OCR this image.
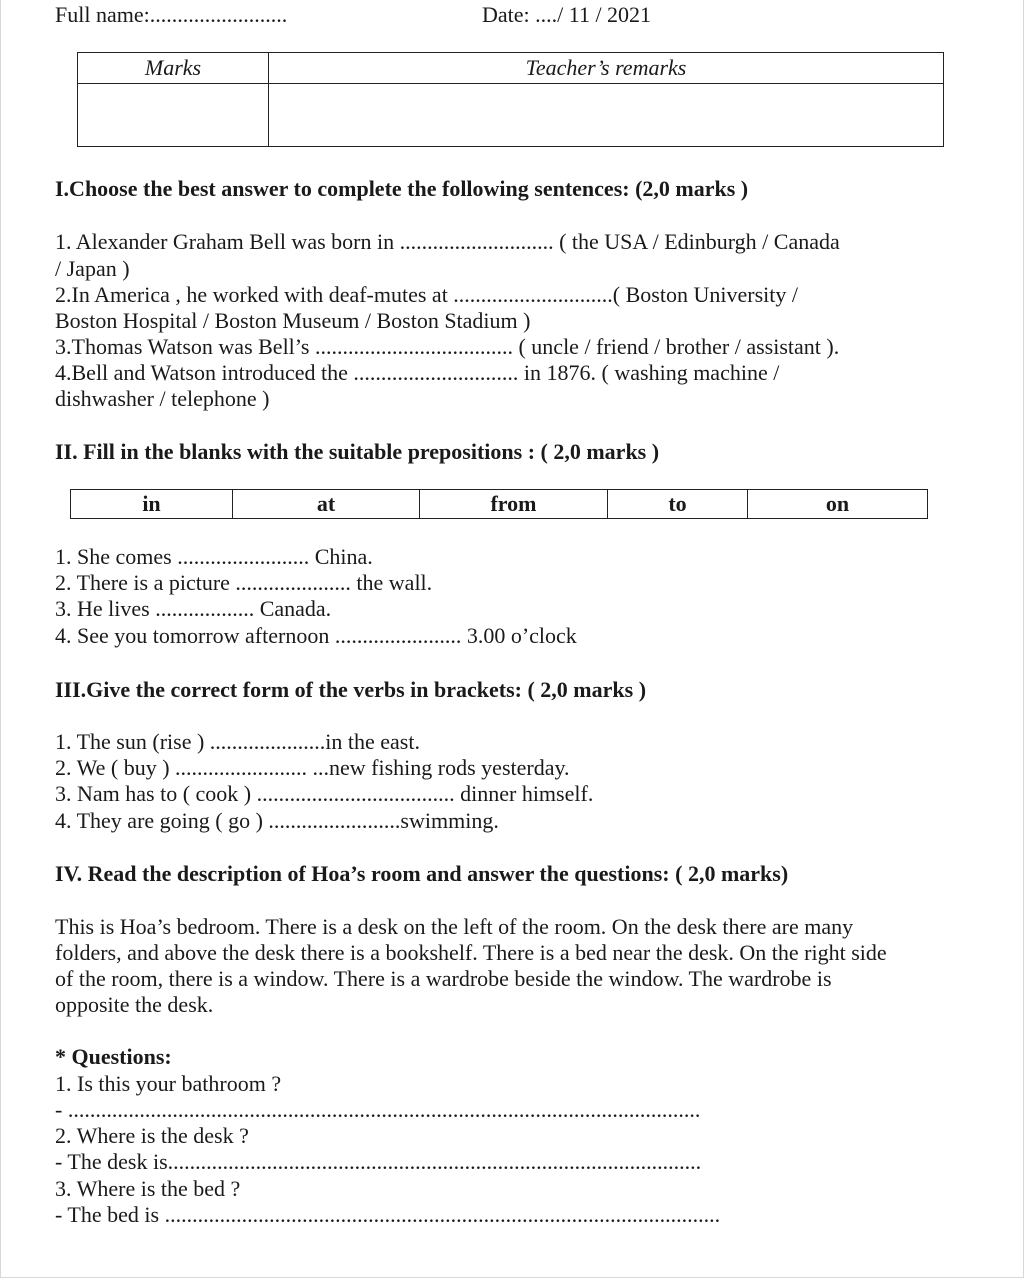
Full name:.........................	Date: ..../ 11 / 2021
Marks	Teacher’s remarks

I.Choose the best answer to complete the following sentences: (2,0 marks )
1. Alexander Graham Bell was born in ............................ ( the USA / Edinburgh / Canada
/ Japan )
2.In America , he worked with deaf-mutes at .............................( Boston University /
Boston Hospital / Boston Museum / Boston Stadium )
3.Thomas Watson was Bell’s .................................... ( uncle / friend / brother / assistant ).
4.Bell and Watson introduced the .............................. in 1876. ( washing machine /
dishwasher / telephone )
II. Fill in the blanks with the suitable prepositions : ( 2,0 marks )
in	at	from	to	on
1. She comes ........................ China.
2. There is a picture ..................... the wall.
3. He lives .................. Canada.
4. See you tomorrow afternoon ....................... 3.00 o’clock
III.Give the correct form of the verbs in brackets: ( 2,0 marks )
1. The sun (rise ) .....................in the east.
2. We ( buy ) ........................ ...new fishing rods yesterday.
3. Nam has to ( cook ) .................................... dinner himself.
4. They are going ( go ) ........................swimming.
IV. Read the description of Hoa’s room and answer the questions: ( 2,0 marks)
This is Hoa’s bedroom. There is a desk on the left of the room. On the desk there are many
folders, and above the desk there is a bookshelf. There is a bed near the desk. On the right side
of the room, there is a window. There is a wardrobe beside the window. The wardrobe is
opposite the desk.
* Questions:
1. Is this your bathroom ?
- ...................................................................................................................
2. Where is the desk ?
- The desk is.................................................................................................
3. Where is the bed ?
- The bed is .....................................................................................................
